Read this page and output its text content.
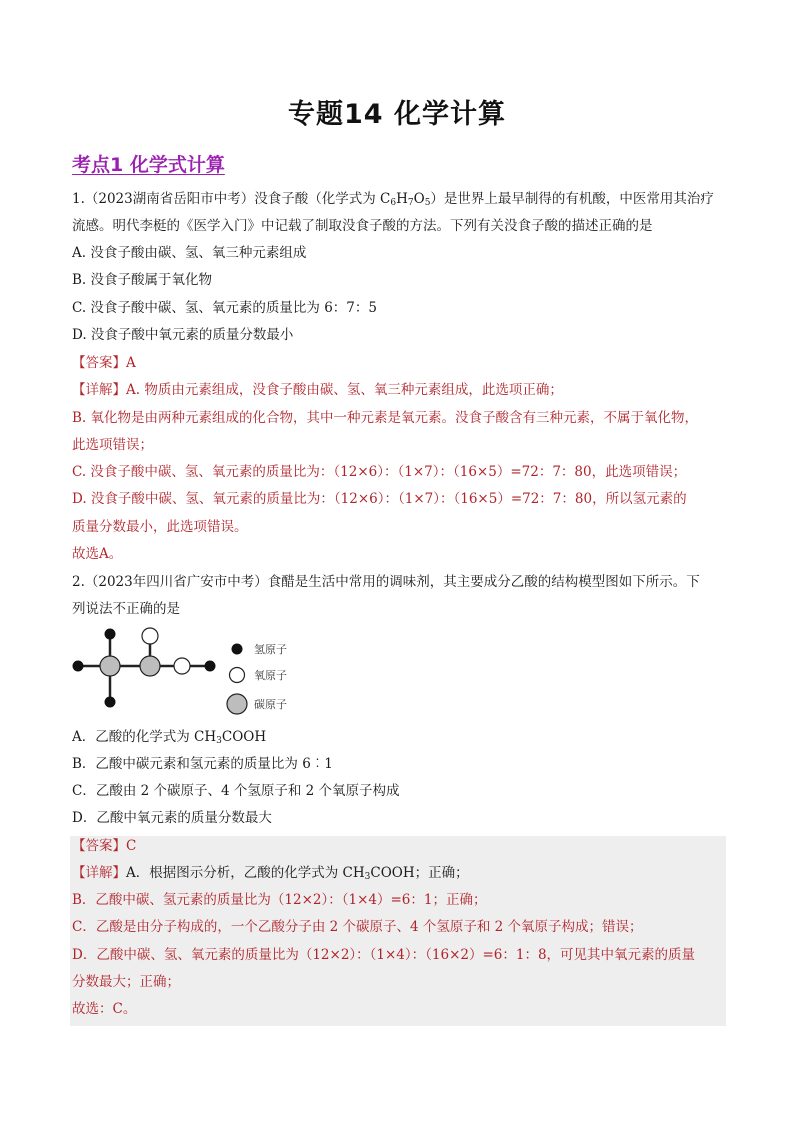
专题14 化学计算
考点1 化学式计算
1.（2023湖南省岳阳市中考）没食子酸（化学式为 $C_6H_7O_5$）是世界上最早制得的有机酸，中医常用其治疗
流感。明代李梃的《医学入门》中记载了制取没食子酸的方法。下列有关没食子酸的描述正确的是
A. 没食子酸由碳、氢、氧三种元素组成
B. 没食子酸属于氧化物
C. 没食子酸中碳、氢、氧元素的质量比为 6：7：5
D. 没食子酸中氧元素的质量分数最小
【答案】A
【详解】A. 物质由元素组成，没食子酸由碳、氢、氧三种元素组成，此选项正确；
B. 氧化物是由两种元素组成的化合物，其中一种元素是氧元素。没食子酸含有三种元素，不属于氧化物，
此选项错误；
C. 没食子酸中碳、氢、氧元素的质量比为：（12×6）：（1×7）：（16×5）=72：7：80，此选项错误；
D. 没食子酸中碳、氢、氧元素的质量比为：（12×6）：（1×7）：（16×5）=72：7：80，所以氢元素的
质量分数最小，此选项错误。
故选A。
2.（2023年四川省广安市中考）食醋是生活中常用的调味剂，其主要成分乙酸的结构模型图如下所示。下
列说法不正确的是
氢原子
氧原子
碳原子
A．乙酸的化学式为 $CH_3COOH$
B．乙酸中碳元素和氢元素的质量比为 6︰1
C．乙酸由 2 个碳原子、4 个氢原子和 2 个氧原子构成
D．乙酸中氧元素的质量分数最大
【答案】C
【详解】A．根据图示分析，乙酸的化学式为 $CH_3COOH$；正确；
B．乙酸中碳、氢元素的质量比为（12×2）：（1×4）=6：1；正确；
C．乙酸是由分子构成的，一个乙酸分子由 2 个碳原子、4 个氢原子和 2 个氧原子构成；错误；
D．乙酸中碳、氢、氧元素的质量比为（12×2）：（1×4）：（16×2）=6：1：8，可见其中氧元素的质量
分数最大；正确；
故选：C。
